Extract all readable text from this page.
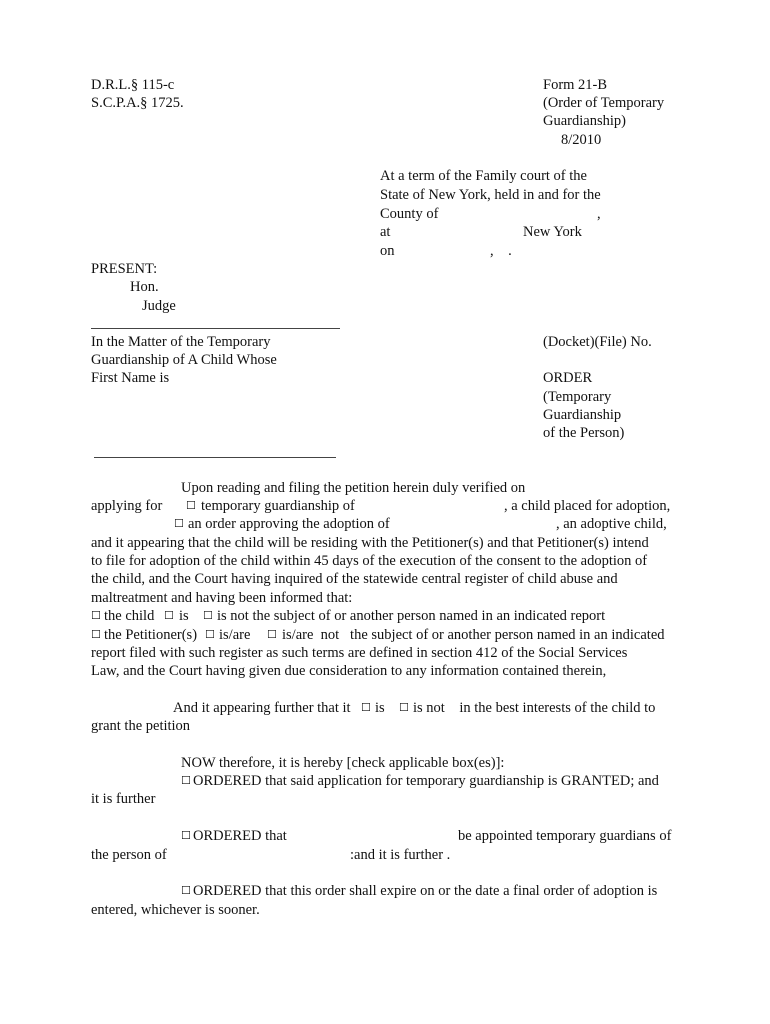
D.R.L.§ 115-c
S.C.P.A.§ 1725.
Form 21-B
(Order of Temporary
Guardianship)
8/2010
At a term of the Family court of the
State of New York, held in and for the
County of	,
at	New York
on	,    .
PRESENT:
Hon.
Judge
In the Matter of the Temporary
Guardianship of A Child Whose
First Name is
(Docket)(File) No.
ORDER
(Temporary
Guardianship
of the Person)
Upon reading and filing the petition herein duly verified on
applying for ☐ temporary guardianship of	, a child placed for adoption,
☐ an order approving the adoption of	, an adoptive child,
and it appearing that the child will be residing with the Petitioner(s) and that Petitioner(s) intend
to file for adoption of the child within 45 days of the execution of the consent to the adoption of
the child, and the Court having inquired of the statewide central register of child abuse and
maltreatment and having been informed that:
☐ the child ☐ is ☐ is not the subject of or another person named in an indicated report
☐ the Petitioner(s) ☐ is/are ☐ is/are  not   the subject of or another person named in an indicated
report filed with such register as such terms are defined in section 412 of the Social Services
Law, and the Court having given due consideration to any information contained therein,
And it appearing further that it ☐ is ☐ is not    in the best interests of the child to
grant the petition
NOW therefore, it is hereby [check applicable box(es)]:
☐ ORDERED that said application for temporary guardianship is GRANTED; and
it is further
☐ ORDERED that	be appointed temporary guardians of
the person of	:and it is further .
☐ ORDERED that this order shall expire on or the date a final order of adoption is
entered, whichever is sooner.
